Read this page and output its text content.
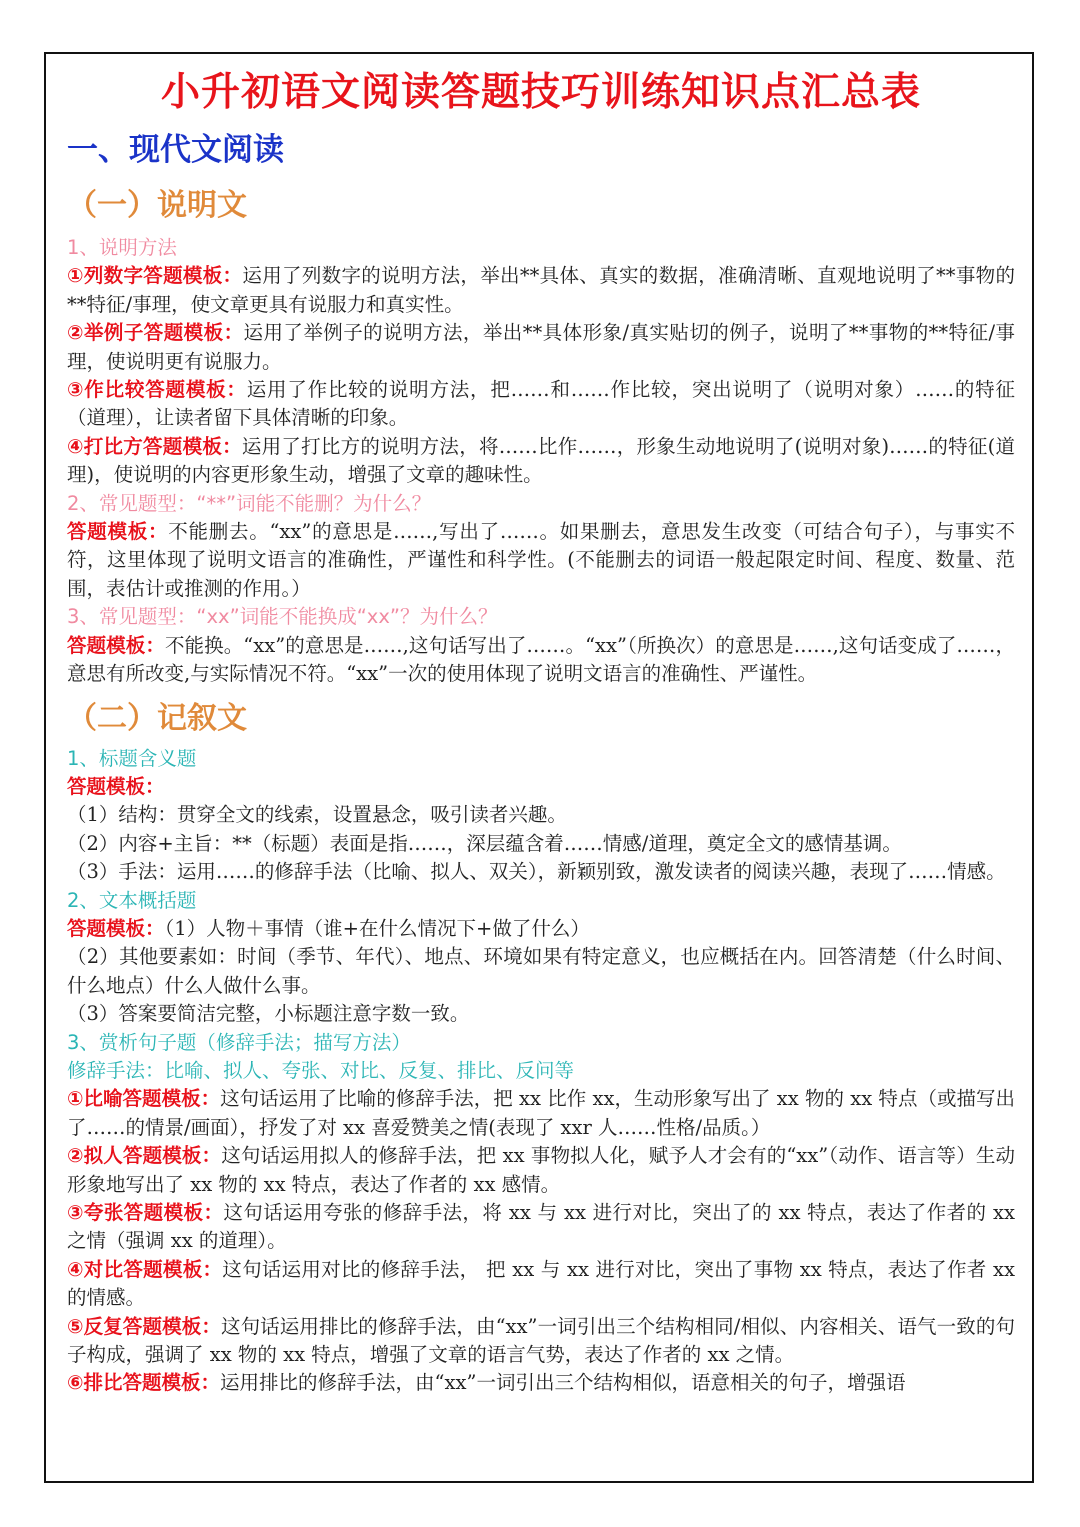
小升初语文阅读答题技巧训练知识点汇总表
一、现代文阅读
（一）说明文
1、说明方法
①列数字答题模板：运用了列数字的说明方法，举出**具体、真实的数据，准确清晰、直观地说明了**事物的**特征/事理，使文章更具有说服力和真实性。
②举例子答题模板：运用了举例子的说明方法，举出**具体形象/真实贴切的例子，说明了**事物的**特征/事理，使说明更有说服力。
③作比较答题模板：运用了作比较的说明方法，把……和……作比较，突出说明了（说明对象）……的特征（道理），让读者留下具体清晰的印象。
④打比方答题模板：运用了打比方的说明方法，将……比作……，形象生动地说明了(说明对象)……的特征(道理)，使说明的内容更形象生动，增强了文章的趣味性。
2、常见题型：“**”词能不能删？为什么？
答题模板：不能删去。“xx”的意思是……,写出了……。如果删去，意思发生改变（可结合句子），与事实不符，这里体现了说明文语言的准确性，严谨性和科学性。(不能删去的词语一般起限定时间、程度、数量、范围，表估计或推测的作用。）
3、常见题型：“xx”词能不能换成“xx”？为什么？
答题模板：不能换。“xx”的意思是……,这句话写出了……。“xx”（所换次）的意思是……,这句话变成了……，意思有所改变,与实际情况不符。“xx”一次的使用体现了说明文语言的准确性、严谨性。
（二）记叙文
1、标题含义题
答题模板：
（1）结构：贯穿全文的线索，设置悬念，吸引读者兴趣。
（2）内容+主旨：**（标题）表面是指……，深层蕴含着……情感/道理，奠定全文的感情基调。
（3）手法：运用……的修辞手法（比喻、拟人、双关），新颖别致，激发读者的阅读兴趣，表现了……情感。
2、文本概括题
答题模板：（1）人物＋事情（谁+在什么情况下+做了什么）
（2）其他要素如：时间（季节、年代）、地点、环境如果有特定意义，也应概括在内。回答清楚（什么时间、什么地点）什么人做什么事。
（3）答案要简洁完整，小标题注意字数一致。
3、赏析句子题（修辞手法；描写方法）
修辞手法：比喻、拟人、夸张、对比、反复、排比、反问等
①比喻答题模板：这句话运用了比喻的修辞手法，把 xx 比作 xx，生动形象写出了 xx 物的 xx 特点（或描写出了……的情景/画面），抒发了对 xx 喜爱赞美之情(表现了 xxr 人……性格/品质。）
②拟人答题模板：这句话运用拟人的修辞手法，把 xx 事物拟人化，赋予人才会有的“xx”（动作、语言等）生动形象地写出了 xx 物的 xx 特点，表达了作者的 xx 感情。
③夸张答题模板：这句话运用夸张的修辞手法，将 xx 与 xx 进行对比，突出了的 xx 特点，表达了作者的 xx 之情（强调 xx 的道理）。
④对比答题模板：这句话运用对比的修辞手法， 把 xx 与 xx 进行对比，突出了事物 xx 特点，表达了作者 xx 的情感。
⑤反复答题模板：这句话运用排比的修辞手法，由“xx”一词引出三个结构相同/相似、内容相关、语气一致的句子构成，强调了 xx 物的 xx 特点，增强了文章的语言气势，表达了作者的 xx 之情。
⑥排比答题模板：运用排比的修辞手法，由“xx”一词引出三个结构相似，语意相关的句子，增强语
